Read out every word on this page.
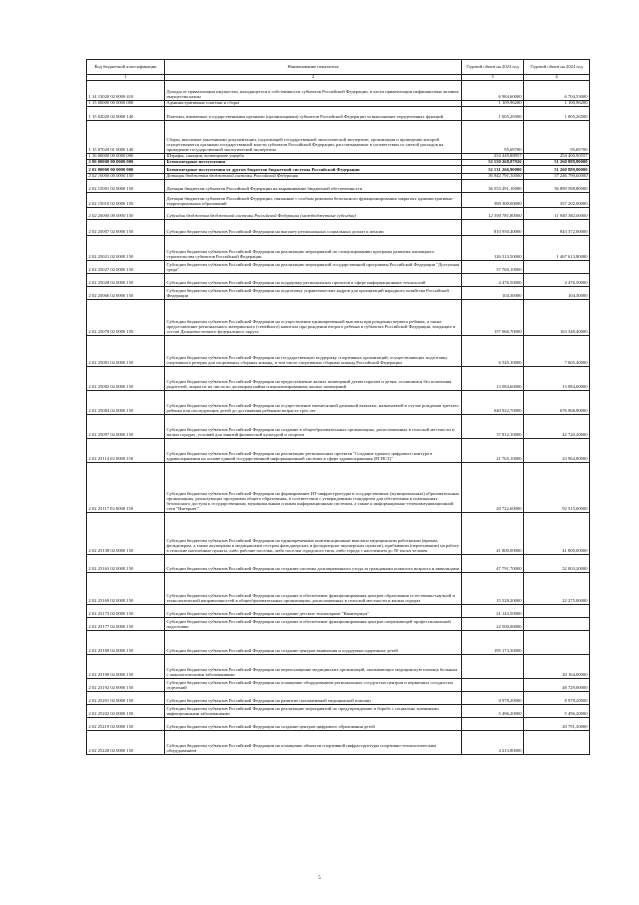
Код бюджетной классификации	Наименование показателя	Годовой объем на 2023 год	Годовой объем на 2024 год
1	2	3	4
1 14 13020 02 0000 410	Доходы от приватизации имущества, находящегося в собственности субъектов Российской Федерации, в части приватизации нефинансовых активов имущества казны	6 984,60000	6 704,53000
1 15 00000 00 0000 000	Административные платежи и сборы	1 109,96200	1 100,96200
1 15 02020 02 0000 140	Платежи, взимаемые государственными органами (организациями) субъектов Российской Федерации за выполнение определенных функций	1 005,26500	1 005,26500
1 15 07020 01 0000 140	Сборы, вносимые заказчиками документации, подлежащей государственной экологической экспертизе, организация и проведение которой осуществляются органами государственной власти субъектов Российской Федерации, рассчитываемые в соответствии со сметой расходов на проведение государственной экологической экспертизы	95,69700	95,69700
1 16 00000 00 0000 000	Штрафы, санкции, возмещение ущерба	254 449,88957	254 400,90557
2 00 00000 00 0000 000	Безвозмездные поступления	52 150 268,87926	51 260 889,80000
2 02 00000 00 0000 000	Безвозмездные поступления от других бюджетов бюджетной системы Российской Федерации	52 131 266,90000	51 260 889,80000
2 02 10000 00 0000 150	Дотации бюджетам бюджетной системы Российской Федерации	36 942 791,10000	37 246 790,60000
2 02 15001 02 0000 150	Дотации бюджетам субъектов Российской Федерации на выравнивание бюджетной обеспеченности	36 553 491,10000	36 889 588,80000
2 02 15010 02 0000 150	Дотации бюджетам субъектов Российской Федерации, связанные с особым режимом безопасного функционирования закрытых административно-территориальных образований	389 300,00000	357 202,00000
2 02 20000 00 0000 150	Субсидии бюджетам бюджетной системы Российской Федерации (межбюджетные субсидии)	12 394 781,80000	11 940 382,00000
2 02 25007 02 0000 150	Субсидии бюджетам субъектов Российской Федерации на выплату региональных социальных доплат к пенсии	810 950,40000	843 372,00000
2 02 25021 02 0000 150	Субсидии бюджетам субъектов Российской Федерации на реализацию мероприятий по стимулированию программ развития жилищного строительства субъектов Российской Федерации	126 513,50000	1 467 613,80000
2 02 25027 02 0000 150	Субсидии бюджетам субъектов Российской Федерации на реализацию мероприятий государственной программы Российской Федерации "Доступная среда"	37 760,10000	
2 02 25028 02 0000 150	Субсидии бюджетам субъектов Российской Федерации на поддержку региональных проектов в сфере информационных технологий	4 476,50000	4 476,50000
2 02 25066 02 0000 150	Субсидии бюджетам субъектов Российской Федерации на подготовку управленческих кадров для организаций народного хозяйства Российской Федерации	104,30000	104,30000
2 02 25078 02 0000 150	Субсидии бюджетам субъектов Российской Федерации на осуществление единовременной выплаты при рождении первого ребенка, а также предоставление регионального материнского (семейного) капитала при рождении второго ребенка в субъектах Российской Федерации, входящих в состав Дальневосточного федерального округа	157 066,70000	163 348,40000
2 02 25081 02 0000 150	Субсидии бюджетам субъектов Российской Федерации на государственную поддержку спортивных организаций, осуществляющих подготовку спортивного резерва для спортивных сборных команд, в том числе спортивных сборных команд Российской Федерации	6 545,10000	7 605,40000
2 02 25082 02 0000 150	Субсидии бюджетам субъектов Российской Федерации на предоставление жилых помещений детям-сиротам и детям, оставшимся без попечения родителей, лицам из их числа по договорам найма специализированных жилых помещений	13 084,60000	13 084,60000
2 02 25084 02 0000 150	Субсидии бюджетам субъектов Российской Федерации на осуществление ежемесячной денежной выплаты, назначаемой в случае рождения третьего ребенка или последующих детей до достижения ребенком возраста трех лет	640 922,70000	676 968,90000
2 02 25097 02 0000 150	Субсидии бюджетам субъектов Российской Федерации на создание в общеобразовательных организациях, расположенных в сельской местности и малых городах, условий для занятий физической культурой и спортом	37 812,10000	42 720,20000
2 02 25114 02 0000 150	Субсидии бюджетам субъектов Российской Федерации на реализацию региональных проектов "Создание единого цифрового контура в здравоохранении на основе единой государственной информационной системы в сфере здравоохранения (ЕГИСЗ)"	21 765,10000	23 964,80000
2 02 25117 02 0000 150	Субсидии бюджетам субъектов Российской Федерации на формирование ИТ-инфраструктуры в государственных (муниципальных) образовательных организациях, реализующих программы общего образования, в соответствии с утвержденным стандартом для обеспечения в помещениях безопасного доступа к государственным, муниципальным и иным информационным системам, а также к информационно-телекоммуникационной сети "Интернет"	20 722,60000	92 515,60000
2 02 25138 02 0000 150	Субсидии бюджетам субъектов Российской Федерации на единовременные компенсационные выплаты медицинским работникам (врачам, фельдшерам, а также акушеркам и медицинским сестрам фельдшерских и фельдшерско-акушерских пунктов), прибывшим (переехавшим) на работу в сельские населенные пункты, либо рабочие поселки, либо поселки городского типа, либо города с населением до 50 тысяч человек	41 800,00000	41 800,00000
2 02 25163 02 0000 150	Субсидии бюджетам субъектов Российской Федерации на создание системы долговременного ухода за гражданами пожилого возраста и инвалидами	47 791,70000	52 003,20000
2 02 25169 02 0000 150	Субсидии бюджетам субъектов Российской Федерации на создание и обеспечение функционирования центров образования естественно-научной и технологической направленностей в общеобразовательных организациях, расположенных в сельской местности и малых городах	15 528,20000	22 275,00000
2 02 25173 02 0000 150	Субсидии бюджетам субъектов Российской Федерации на создание детских технопарков "Кванториум"	21 143,50000	
2 02 25177 02 0000 150	Субсидии бюджетам субъектов Российской Федерации на создание и обеспечение функционирования центров опережающей профессиональной подготовки	22 500,00000	
2 02 25189 02 0000 150	Субсидии бюджетам субъектов Российской Федерации на создание центров выявления и поддержки одаренных детей	195 173,30000	
2 02 25190 02 0000 150	Субсидии бюджетам субъектов Российской Федерации на переоснащение медицинских организаций, оказывающих медицинскую помощь больным с онкологическими заболеваниями		20 164,00000
2 02 25192 02 0000 150	Субсидии бюджетам субъектов Российской Федерации на оснащение оборудованием региональных сосудистых центров и первичных сосудистых отделений		48 729,00000
2 02 25201 02 0000 150	Субсидии бюджетам субъектов Российской Федерации на развитие паллиативной медицинской помощи	8 978,20000	8 978,20000
2 02 25202 02 0000 150	Субсидии бюджетам субъектов Российской Федерации на реализацию мероприятий по предупреждению и борьбе с социально значимыми инфекционными заболеваниями	5 496,20000	5 496,20000
2 02 25219 02 0000 150	Субсидии бюджетам субъектов Российской Федерации на создание центров цифрового образования детей		20 791,30000
2 02 25228 02 0000 150	Субсидии бюджетам субъектов Российской Федерации на оснащение объектов спортивной инфраструктуры спортивно-технологическим оборудованием	4 213,80000	
5
